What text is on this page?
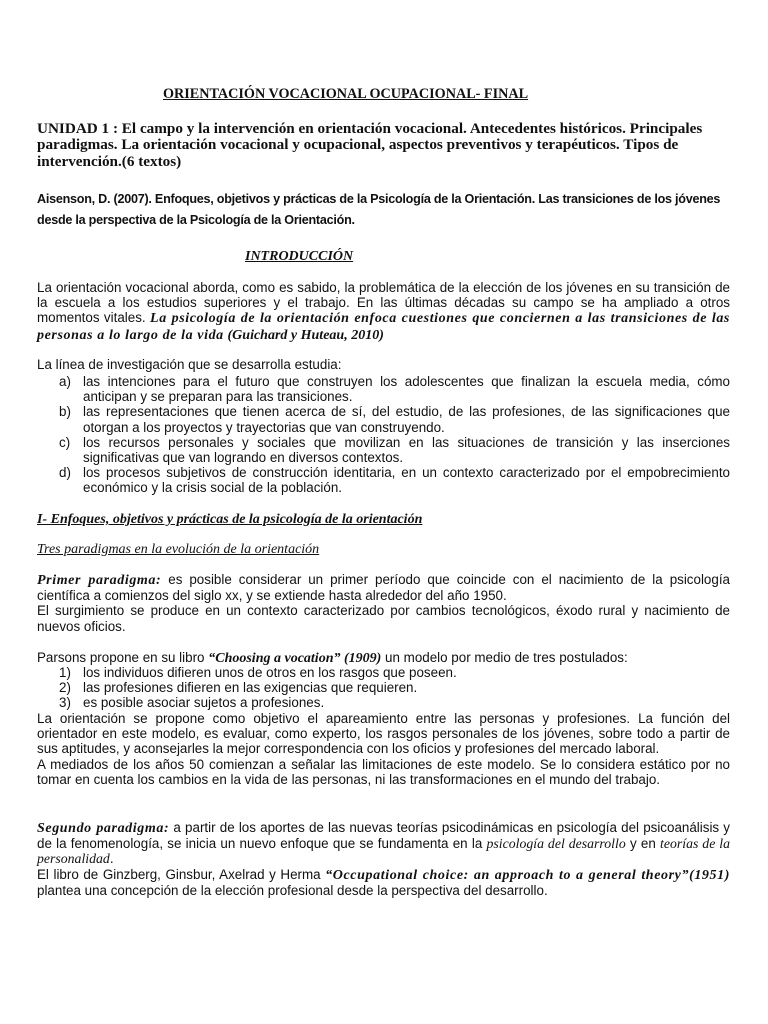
ORIENTACIÓN VOCACIONAL OCUPACIONAL- FINAL

UNIDAD 1 : El campo y la intervención en orientación vocacional. Antecedentes históricos. Principales paradigmas. La orientación vocacional y ocupacional, aspectos preventivos y terapéuticos. Tipos de intervención.(6 textos)

Aisenson, D. (2007). Enfoques, objetivos y prácticas de la Psicología de la Orientación. Las transiciones de los jóvenes desde la perspectiva de la Psicología de la Orientación.

INTRODUCCIÓN

La orientación vocacional aborda, como es sabido, la problemática de la elección de los jóvenes en su transición de la escuela a los estudios superiores y el trabajo. En las últimas décadas su campo se ha ampliado a otros momentos vitales. La psicología de la orientación enfoca cuestiones que conciernen a las transiciones de las personas a lo largo de la vida (Guichard y Huteau, 2010)

La línea de investigación que se desarrolla estudia:

a) las intenciones para el futuro que construyen los adolescentes que finalizan la escuela media, cómo anticipan y se preparan para las transiciones.
b) las representaciones que tienen acerca de sí, del estudio, de las profesiones, de las significaciones que otorgan a los proyectos y trayectorias que van construyendo.
c) los recursos personales y sociales que movilizan en las situaciones de transición y las inserciones significativas que van logrando en diversos contextos.
d) los procesos subjetivos de construcción identitaria, en un contexto caracterizado por el empobrecimiento económico y la crisis social de la población.

I- Enfoques, objetivos y prácticas de la psicología de la orientación

Tres paradigmas en la evolución de la orientación

Primer paradigma: es posible considerar un primer período que coincide con el nacimiento de la psicología científica a comienzos del siglo xx, y se extiende hasta alrededor del año 1950.
El surgimiento se produce en un contexto caracterizado por cambios tecnológicos, éxodo rural y nacimiento de nuevos oficios.

Parsons propone en su libro “Choosing a vocation” (1909) un modelo por medio de tres postulados:

1) los individuos difieren unos de otros en los rasgos que poseen.
2) las profesiones difieren en las exigencias que requieren.
3) es posible asociar sujetos a profesiones.

La orientación se propone como objetivo el apareamiento entre las personas y profesiones. La función del orientador en este modelo, es evaluar, como experto, los rasgos personales de los jóvenes, sobre todo a partir de sus aptitudes, y aconsejarles la mejor correspondencia con los oficios y profesiones del mercado laboral.
A mediados de los años 50 comienzan a señalar las limitaciones de este modelo. Se lo considera estático por no tomar en cuenta los cambios en la vida de las personas, ni las transformaciones en el mundo del trabajo.

Segundo paradigma: a partir de los aportes de las nuevas teorías psicodinámicas en psicología del psicoanálisis y de la fenomenología, se inicia un nuevo enfoque que se fundamenta en la psicología del desarrollo y en teorías de la personalidad.
El libro de Ginzberg, Ginsbur, Axelrad y Herma “Occupational choice: an approach to a general theory”(1951) plantea una concepción de la elección profesional desde la perspectiva del desarrollo.
